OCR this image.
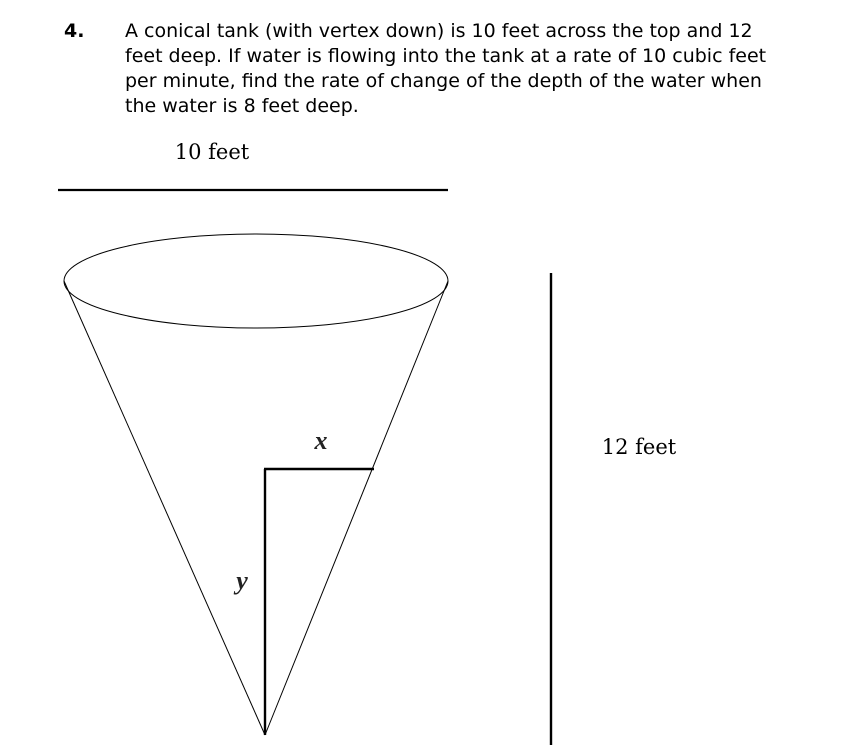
4. A conical tank (with vertex down) is 10 feet across the top and 12
feet deep. If water is flowing into the tank at a rate of 10 cubic feet
per minute, find the rate of change of the depth of the water when
the water is 8 feet deep.
10 feet
x
y
12 feet
